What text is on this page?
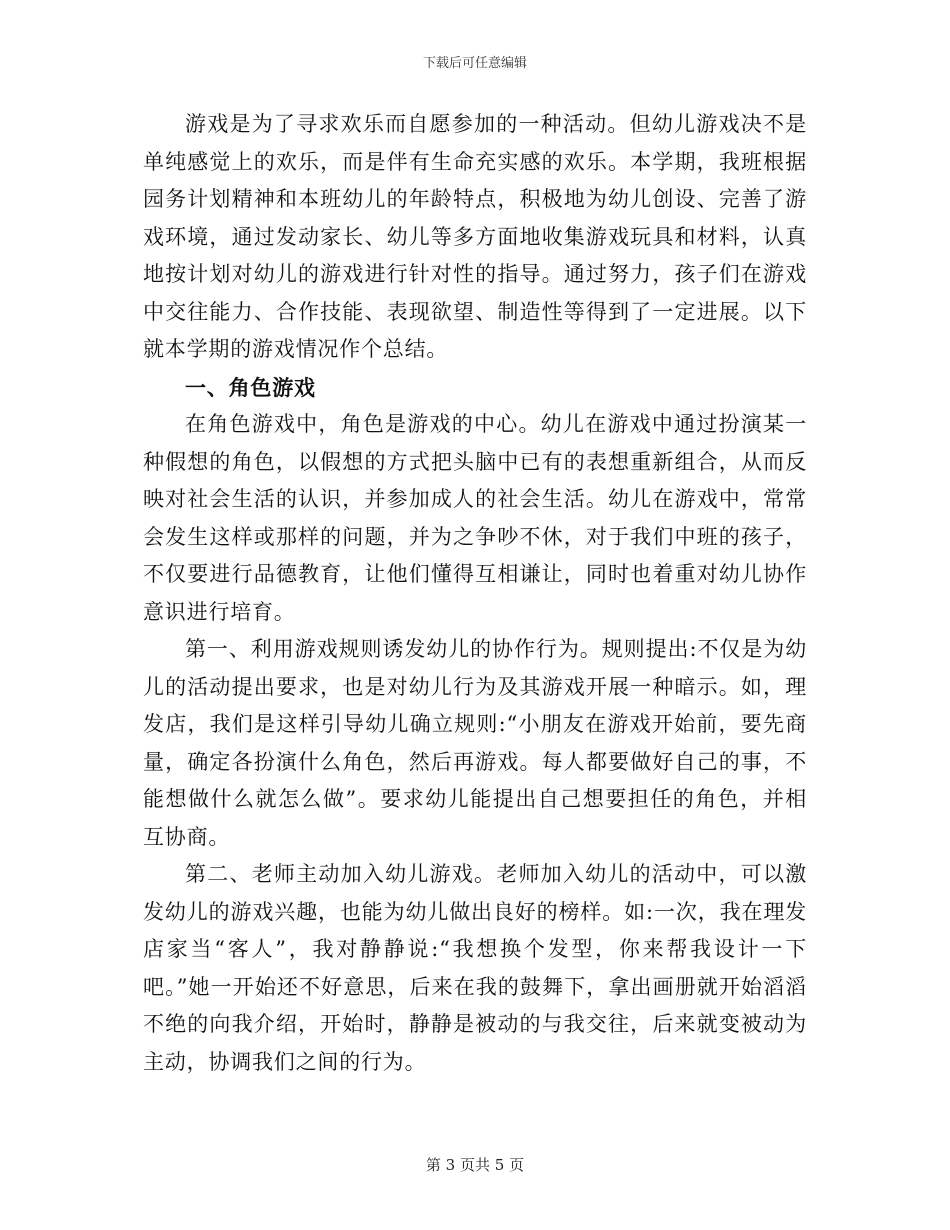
下载后可任意编辑

游戏是为了寻求欢乐而自愿参加的一种活动。但幼儿游戏决不是单纯感觉上的欢乐，而是伴有生命充实感的欢乐。本学期，我班根据园务计划精神和本班幼儿的年龄特点，积极地为幼儿创设、完善了游戏环境，通过发动家长、幼儿等多方面地收集游戏玩具和材料，认真地按计划对幼儿的游戏进行针对性的指导。通过努力，孩子们在游戏中交往能力、合作技能、表现欲望、制造性等得到了一定进展。以下就本学期的游戏情况作个总结。

一、角色游戏

在角色游戏中，角色是游戏的中心。幼儿在游戏中通过扮演某一种假想的角色，以假想的方式把头脑中已有的表想重新组合，从而反映对社会生活的认识，并参加成人的社会生活。幼儿在游戏中，常常会发生这样或那样的问题，并为之争吵不休，对于我们中班的孩子，不仅要进行品德教育，让他们懂得互相谦让，同时也着重对幼儿协作意识进行培育。

第一、利用游戏规则诱发幼儿的协作行为。规则提出:不仅是为幼儿的活动提出要求，也是对幼儿行为及其游戏开展一种暗示。如，理发店，我们是这样引导幼儿确立规则:“小朋友在游戏开始前，要先商量，确定各扮演什么角色，然后再游戏。每人都要做好自己的事，不能想做什么就怎么做”。要求幼儿能提出自己想要担任的角色，并相互协商。

第二、老师主动加入幼儿游戏。老师加入幼儿的活动中，可以激发幼儿的游戏兴趣，也能为幼儿做出良好的榜样。如:一次，我在理发店家当“客人”，我对静静说:“我想换个发型，你来帮我设计一下吧。”她一开始还不好意思，后来在我的鼓舞下，拿出画册就开始滔滔不绝的向我介绍，开始时，静静是被动的与我交往，后来就变被动为主动，协调我们之间的行为。

第 3 页共 5 页
